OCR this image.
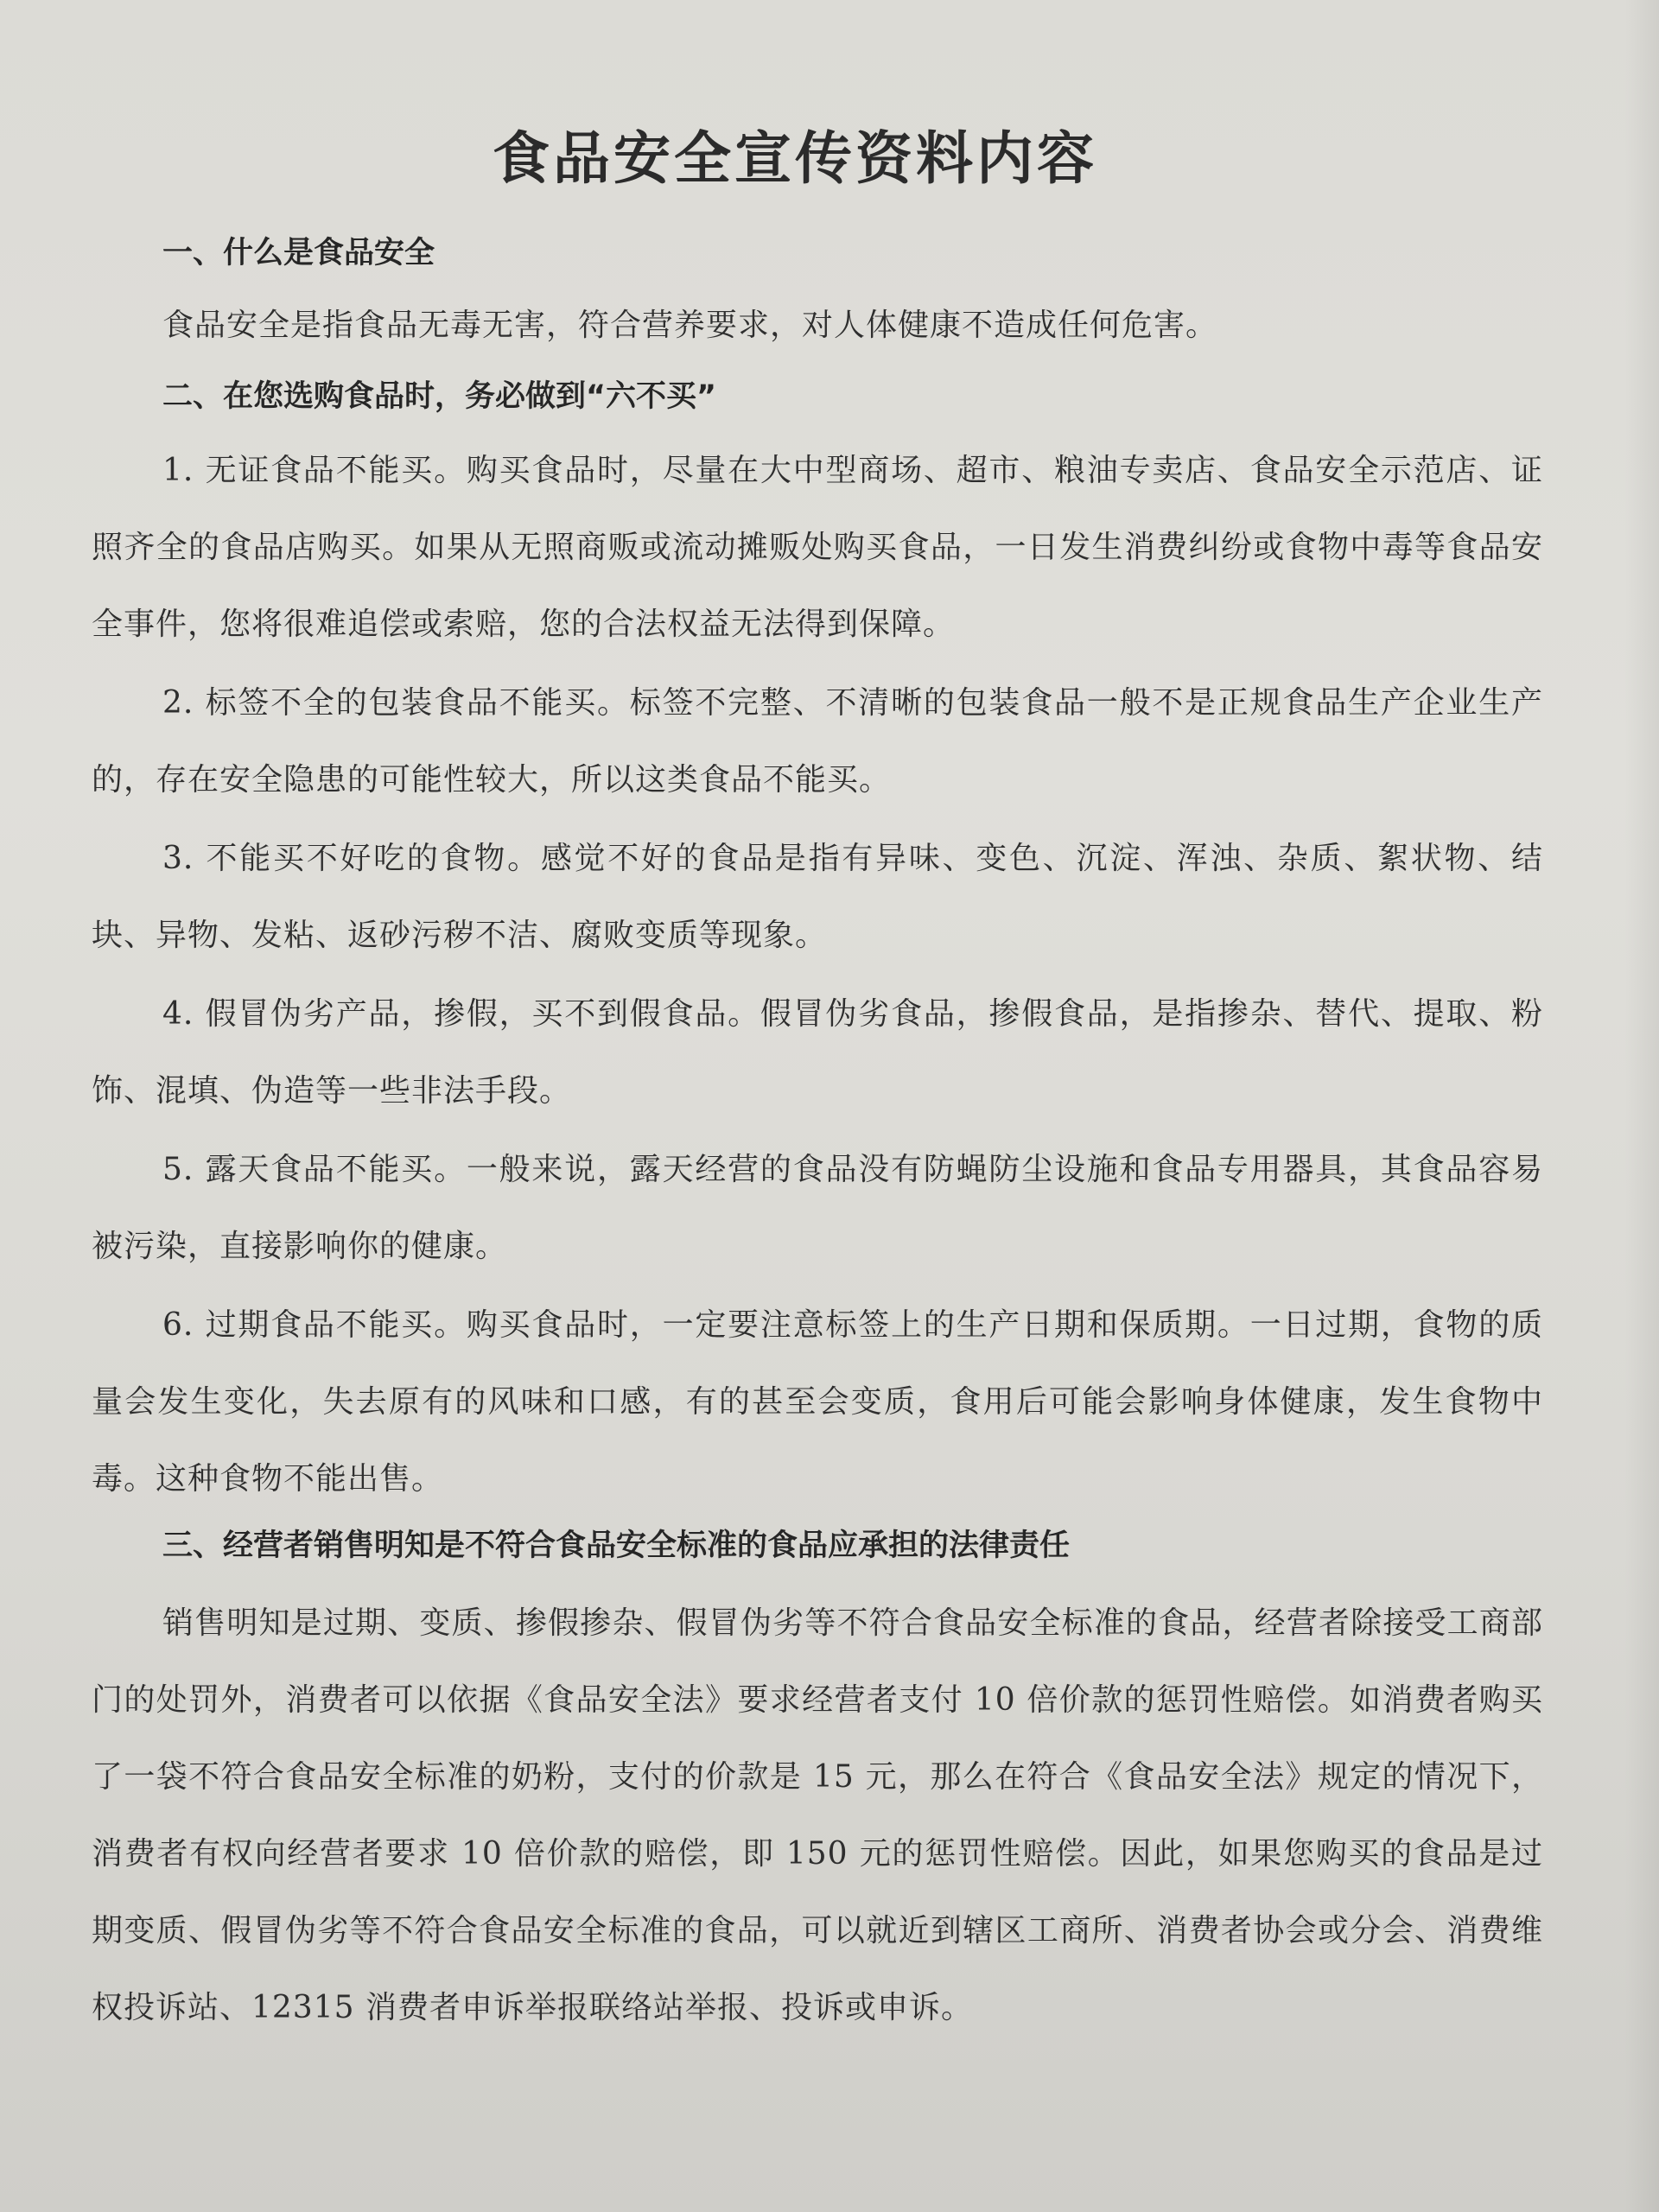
食品安全宣传资料内容
一、什么是食品安全

食品安全是指食品无毒无害，符合营养要求，对人体健康不造成任何危害。

二、在您选购食品时，务必做到“六不买”

1. 无证食品不能买。购买食品时，尽量在大中型商场、超市、粮油专卖店、食品安全示范店、证照齐全的食品店购买。如果从无照商贩或流动摊贩处购买食品，一日发生消费纠纷或食物中毒等食品安全事件，您将很难追偿或索赔，您的合法权益无法得到保障。

2. 标签不全的包装食品不能买。标签不完整、不清晰的包装食品一般不是正规食品生产企业生产的，存在安全隐患的可能性较大，所以这类食品不能买。

3. 不能买不好吃的食物。感觉不好的食品是指有异味、变色、沉淀、浑浊、杂质、絮状物、结块、异物、发粘、返砂污秽不洁、腐败变质等现象。

4. 假冒伪劣产品，掺假，买不到假食品。假冒伪劣食品，掺假食品，是指掺杂、替代、提取、粉饰、混填、伪造等一些非法手段。

5. 露天食品不能买。一般来说，露天经营的食品没有防蝇防尘设施和食品专用器具，其食品容易被污染，直接影响你的健康。

6. 过期食品不能买。购买食品时，一定要注意标签上的生产日期和保质期。一日过期，食物的质量会发生变化，失去原有的风味和口感，有的甚至会变质，食用后可能会影响身体健康，发生食物中毒。这种食物不能出售。

三、经营者销售明知是不符合食品安全标准的食品应承担的法律责任

销售明知是过期、变质、掺假掺杂、假冒伪劣等不符合食品安全标准的食品，经营者除接受工商部门的处罚外，消费者可以依据《食品安全法》要求经营者支付 10 倍价款的惩罚性赔偿。如消费者购买了一袋不符合食品安全标准的奶粉，支付的价款是 15 元，那么在符合《食品安全法》规定的情况下，消费者有权向经营者要求 10 倍价款的赔偿，即 150 元的惩罚性赔偿。因此，如果您购买的食品是过期变质、假冒伪劣等不符合食品安全标准的食品，可以就近到辖区工商所、消费者协会或分会、消费维权投诉站、12315 消费者申诉举报联络站举报、投诉或申诉。
